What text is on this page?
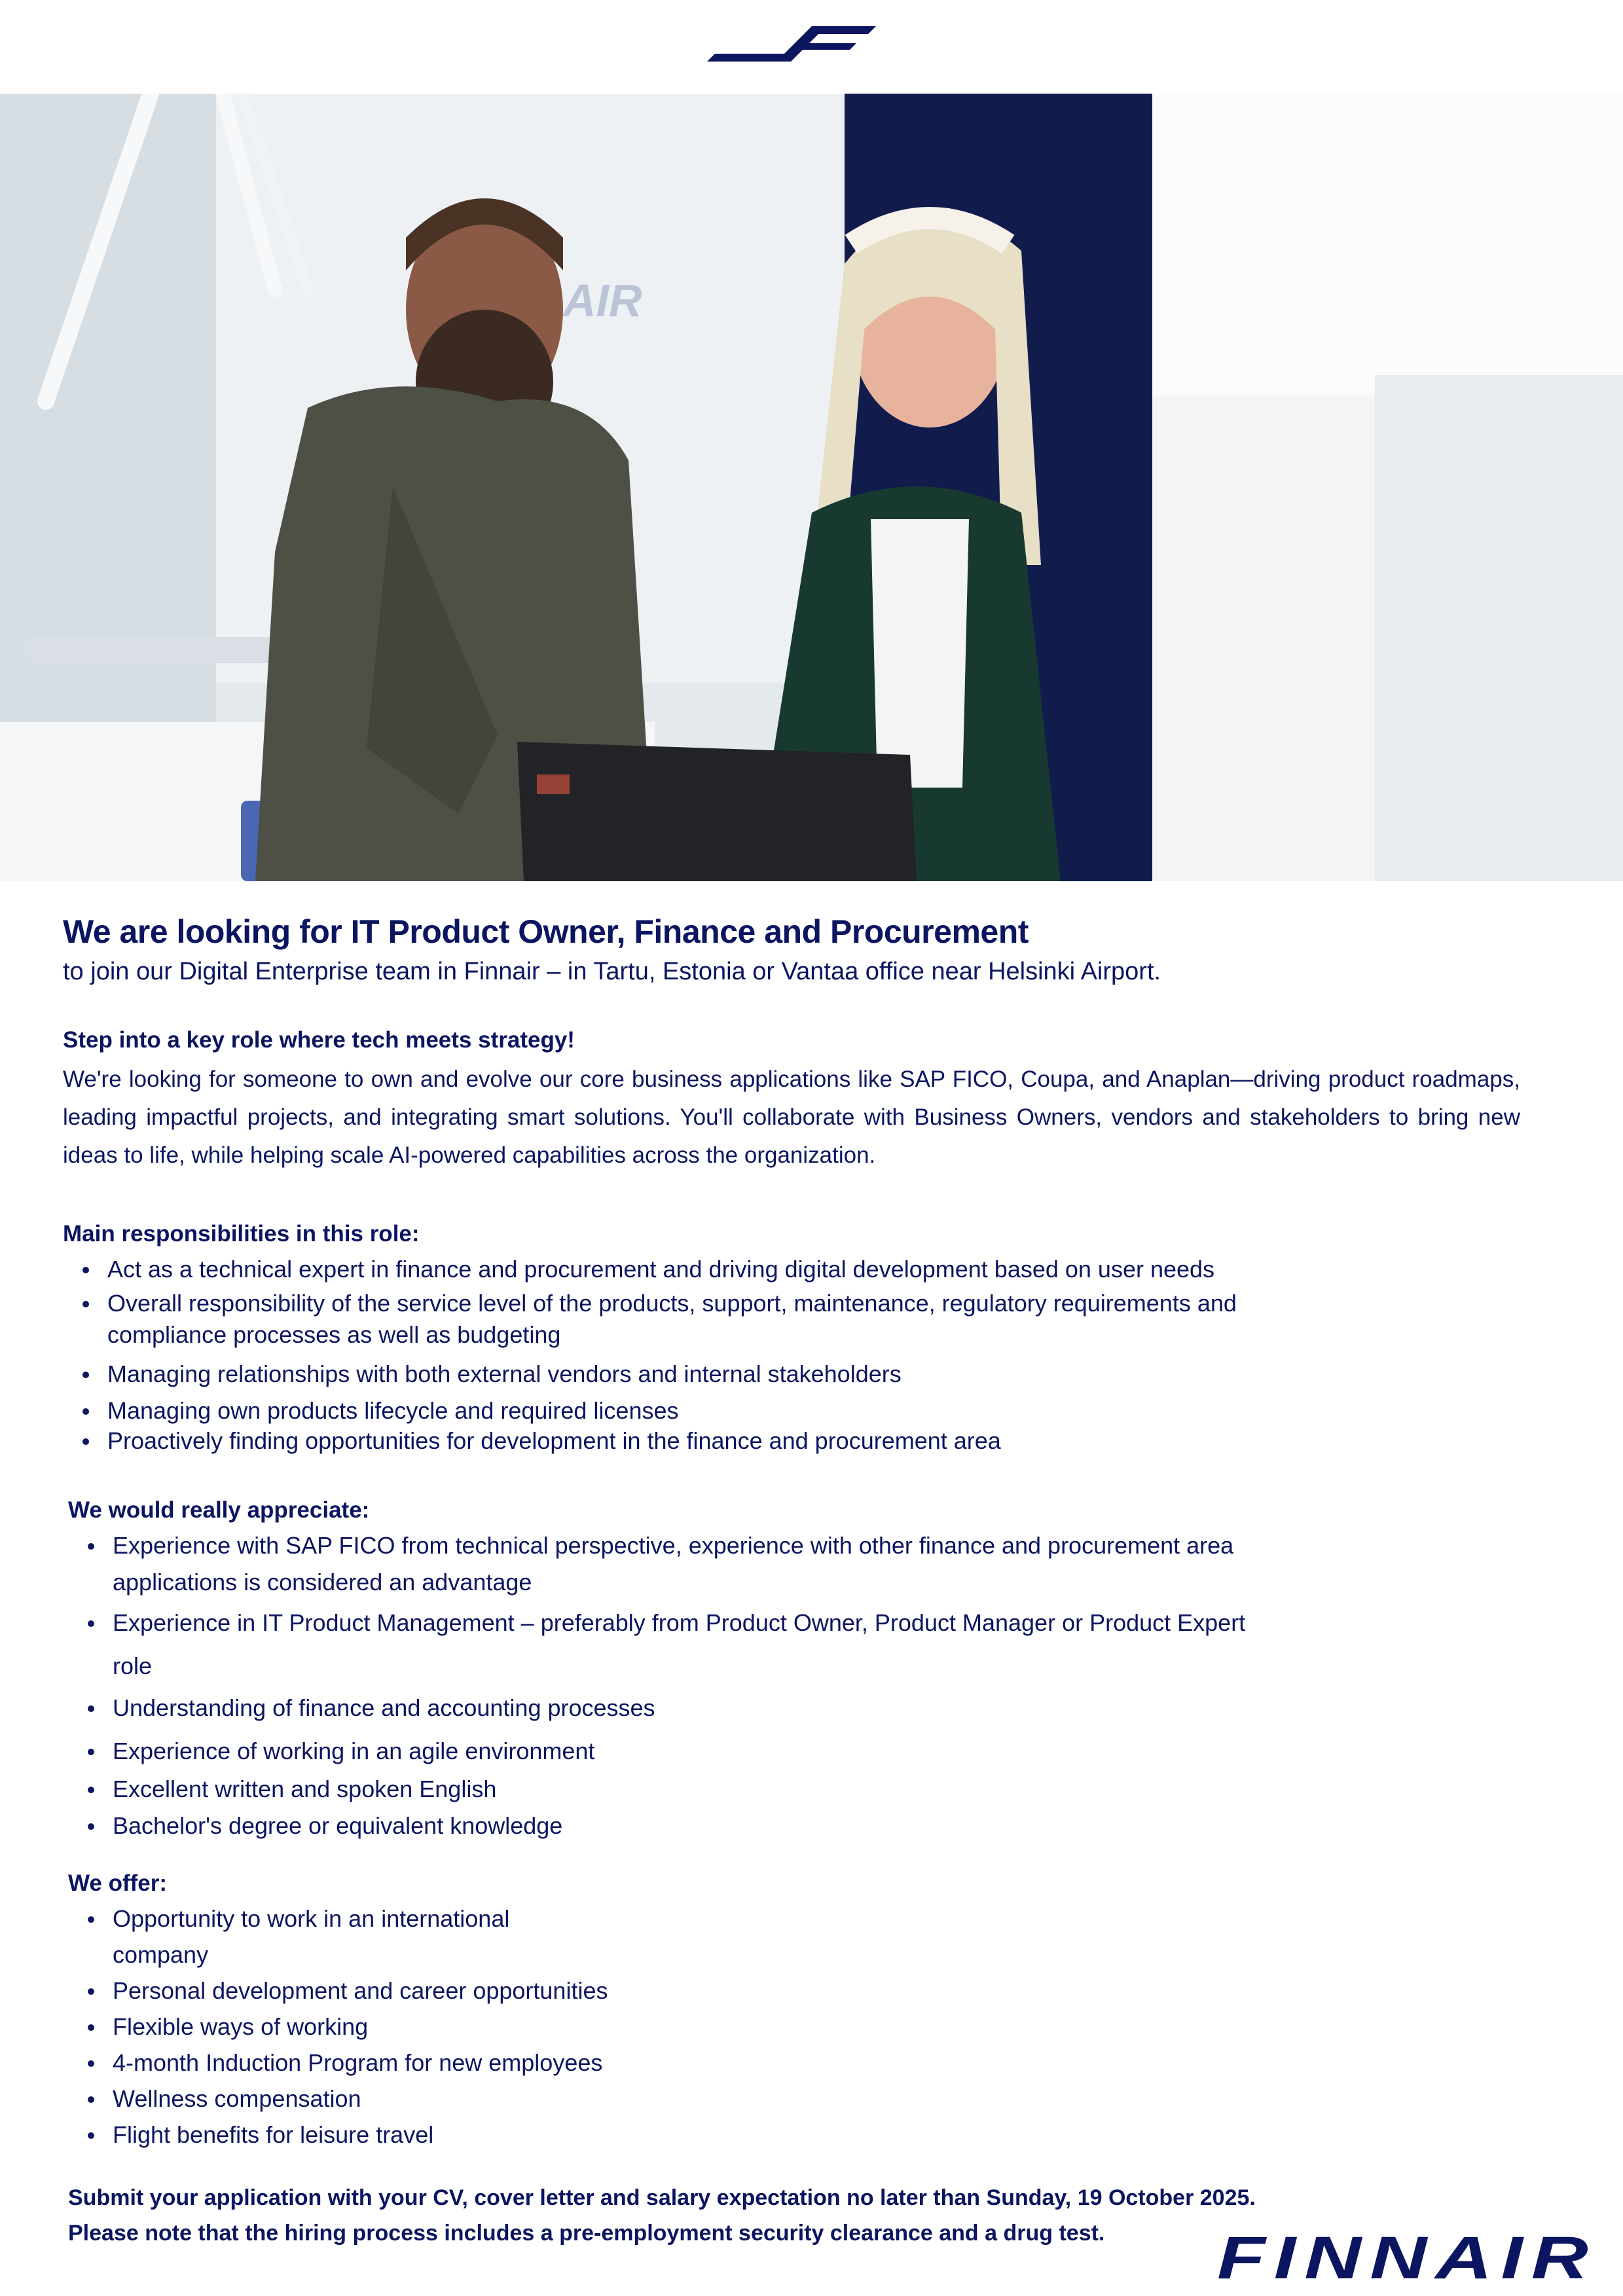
AIR
We are looking for IT Product Owner, Finance and Procurement

to join our Digital Enterprise team in Finnair – in Tartu, Estonia or Vantaa office near Helsinki Airport.

Step into a key role where tech meets strategy!

We're looking for someone to own and evolve our core business applications like SAP FICO, Coupa, and Anaplan—driving product roadmaps, leading impactful projects, and integrating smart solutions. You'll collaborate with Business Owners, vendors and stakeholders to bring new ideas to life, while helping scale AI-powered capabilities across the organization.

Main responsibilities in this role:

Act as a technical expert in finance and procurement and driving digital development based on user needs
Overall responsibility of the service level of the products, support, maintenance, regulatory requirements and
compliance processes as well as budgeting
Managing relationships with both external vendors and internal stakeholders
Managing own products lifecycle and required licenses
Proactively finding opportunities for development in the finance and procurement area

We would really appreciate:

Experience with SAP FICO from technical perspective, experience with other finance and procurement area
applications is considered an advantage
Experience in IT Product Management – preferably from Product Owner, Product Manager or Product Expert
role
Understanding of finance and accounting processes
Experience of working in an agile environment
Excellent written and spoken English
Bachelor's degree or equivalent knowledge

We offer:

Opportunity to work in an international
company
Personal development and career opportunities
Flexible ways of working
4-month Induction Program for new employees
Wellness compensation
Flight benefits for leisure travel
Submit your application with your CV, cover letter and salary expectation no later than Sunday, 19 October 2025.
Please note that the hiring process includes a pre-employment security clearance and a drug test.	FINNAIR
